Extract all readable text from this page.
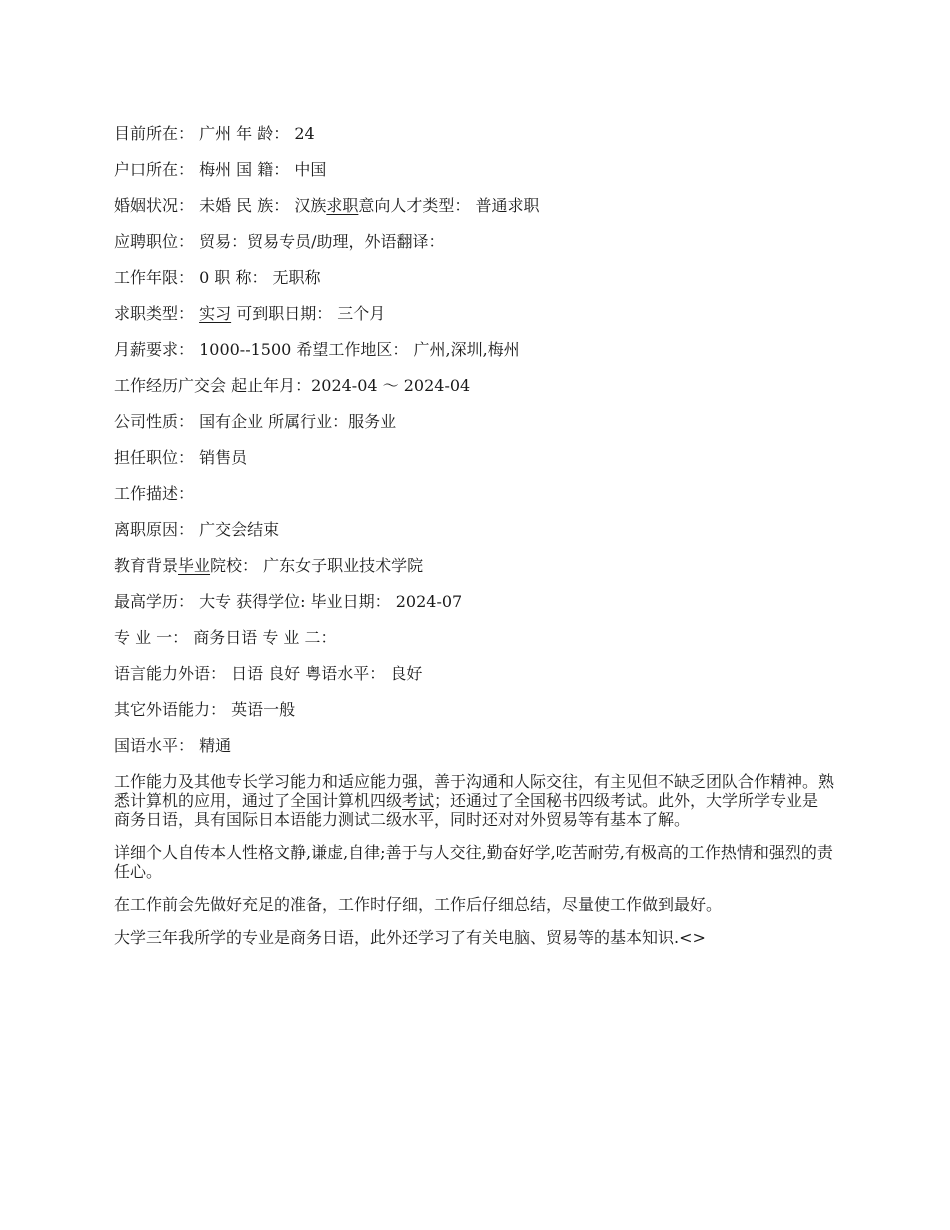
目前所在： 广州 年 龄： 24
户口所在： 梅州 国 籍： 中国
婚姻状况： 未婚 民 族： 汉族求职意向人才类型： 普通求职
应聘职位： 贸易：贸易专员/助理，外语翻译：
工作年限： 0 职 称： 无职称
求职类型： 实习 可到职日期： 三个月
月薪要求： 1000--1500 希望工作地区： 广州,深圳,梅州
工作经历广交会 起止年月：2024-04 ～ 2024-04
公司性质： 国有企业 所属行业：服务业
担任职位： 销售员
工作描述：
离职原因： 广交会结束
教育背景毕业院校： 广东女子职业技术学院
最高学历： 大专 获得学位: 毕业日期： 2024-07
专 业 一： 商务日语 专 业 二：
语言能力外语： 日语 良好 粤语水平： 良好
其它外语能力： 英语一般
国语水平： 精通

工作能力及其他专长学习能力和适应能力强，善于沟通和人际交往，有主见但不缺乏团队合作精神。熟悉计算机的应用，通过了全国计算机四级考试；还通过了全国秘书四级考试。此外，大学所学专业是商务日语，具有国际日本语能力测试二级水平，同时还对对外贸易等有基本了解。

详细个人自传本人性格文静,谦虚,自律;善于与人交往,勤奋好学,吃苦耐劳,有极高的工作热情和强烈的责任心。

在工作前会先做好充足的准备，工作时仔细，工作后仔细总结，尽量使工作做到最好。

大学三年我所学的专业是商务日语，此外还学习了有关电脑、贸易等的基本知识.<>
